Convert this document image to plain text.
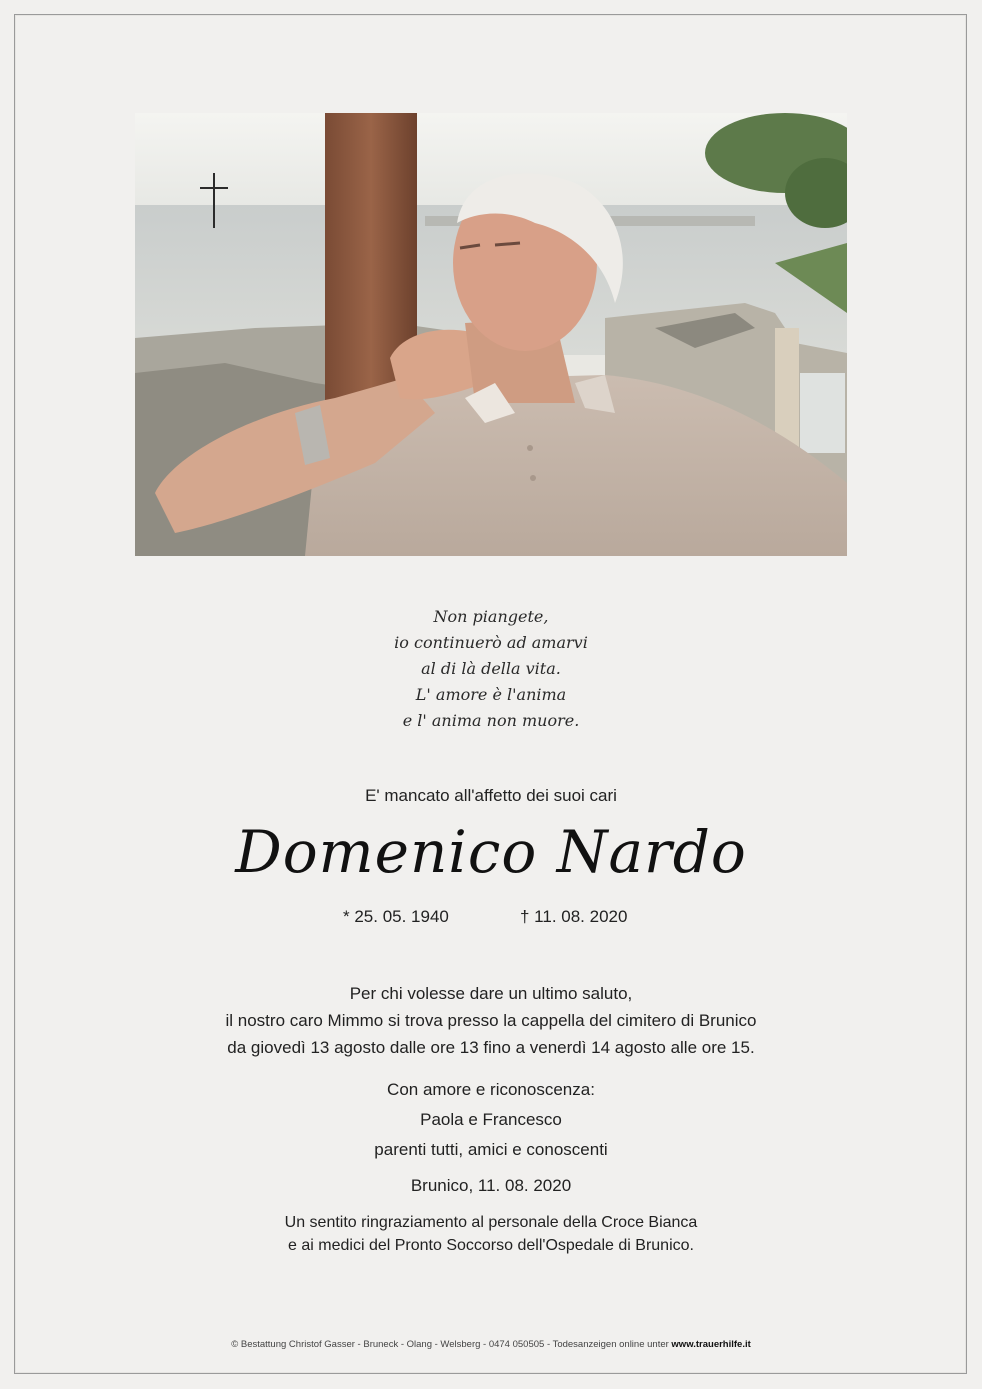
Non piangete,
io continuerò ad amarvi
al di là della vita.
L' amore è l'anima
e l' anima non muore.
E' mancato all'affetto dei suoi cari
Domenico Nardo
* 25. 05. 1940	† 11. 08. 2020
Per chi volesse dare un ultimo saluto,
il nostro caro Mimmo si trova presso la cappella del cimitero di Brunico
da giovedì 13 agosto dalle ore 13 fino a venerdì 14 agosto alle ore 15.
Con amore e riconoscenza:
Paola e Francesco
parenti tutti, amici e conoscenti
Brunico, 11. 08. 2020
Un sentito ringraziamento al personale della Croce Bianca
e ai medici del Pronto Soccorso dell'Ospedale di Brunico.
© Bestattung Christof Gasser - Bruneck - Olang - Welsberg - 0474 050505 - Todesanzeigen online unter www.trauerhilfe.it
